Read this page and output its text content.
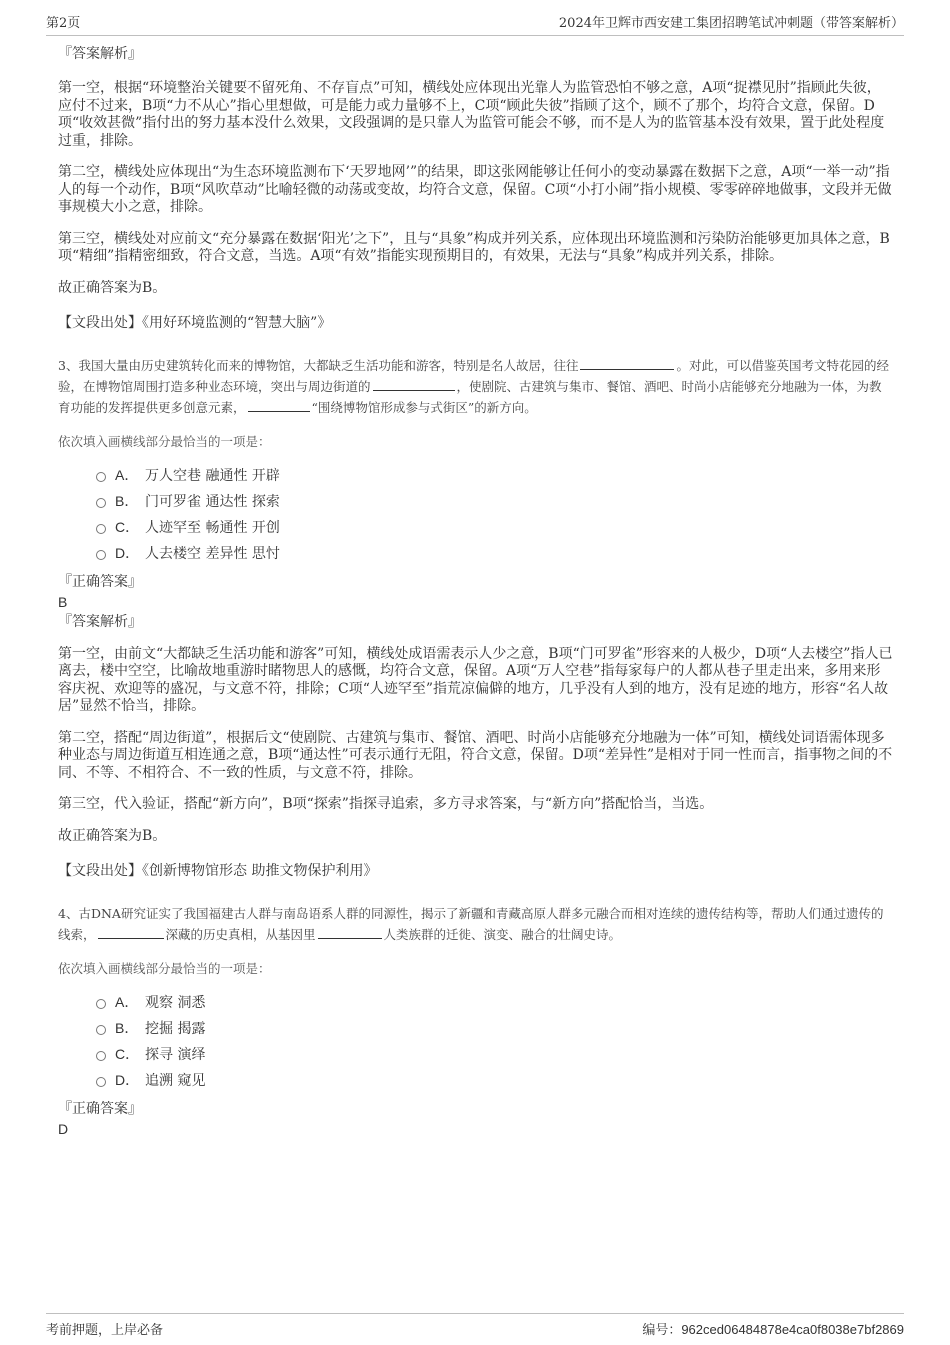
第2页	2024年卫辉市西安建工集团招聘笔试冲刺题（带答案解析）

『答案解析』

第一空，根据“环境整治关键要不留死角、不存盲点”可知，横线处应体现出光靠人为监管恐怕不够之意，A项“捉襟见肘”指顾此失彼，应付不过来，B项“力不从心”指心里想做，可是能力或力量够不上，C项“顾此失彼”指顾了这个，顾不了那个，均符合文意，保留。D项“收效甚微”指付出的努力基本没什么效果，文段强调的是只靠人为监管可能会不够，而不是人为的监管基本没有效果，置于此处程度过重，排除。

第二空，横线处应体现出“为生态环境监测布下‘天罗地网’”的结果，即这张网能够让任何小的变动暴露在数据下之意，A项“一举一动”指人的每一个动作，B项“风吹草动”比喻轻微的动荡或变故，均符合文意，保留。C项“小打小闹”指小规模、零零碎碎地做事，文段并无做事规模大小之意，排除。

第三空，横线处对应前文“充分暴露在数据‘阳光’之下”，且与“具象”构成并列关系，应体现出环境监测和污染防治能够更加具体之意，B项“精细”指精密细致，符合文意，当选。A项“有效”指能实现预期目的，有效果，无法与“具象”构成并列关系，排除。

故正确答案为B。

【文段出处】《用好环境监测的“智慧大脑”》

3、我国大量由历史建筑转化而来的博物馆，大都缺乏生活功能和游客，特别是名人故居，往往	。对此，可以借鉴英国考文特花园的经验，在博物馆周围打造多种业态环境，突出与周边街道的	，使剧院、古建筑与集市、餐馆、酒吧、时尚小店能够充分地融为一体，为教育功能的发挥提供更多创意元素，	“围绕博物馆形成参与式街区”的新方向。

依次填入画横线部分最恰当的一项是：

A． 万人空巷 融通性 开辟
B． 门可罗雀 通达性 探索
C． 人迹罕至 畅通性 开创
D． 人去楼空 差异性 思忖

『正确答案』

B

『答案解析』

第一空，由前文“大都缺乏生活功能和游客”可知，横线处成语需表示人少之意，B项“门可罗雀”形容来的人极少，D项“人去楼空”指人已离去，楼中空空，比喻故地重游时睹物思人的感慨，均符合文意，保留。A项“万人空巷”指每家每户的人都从巷子里走出来，多用来形容庆祝、欢迎等的盛况，与文意不符，排除；C项“人迹罕至”指荒凉偏僻的地方，几乎没有人到的地方，没有足迹的地方，形容“名人故居”显然不恰当，排除。

第二空，搭配“周边街道”，根据后文“使剧院、古建筑与集市、餐馆、酒吧、时尚小店能够充分地融为一体”可知，横线处词语需体现多种业态与周边街道互相连通之意，B项“通达性”可表示通行无阻，符合文意，保留。D项“差异性”是相对于同一性而言，指事物之间的不同、不等、不相符合、不一致的性质，与文意不符，排除。

第三空，代入验证，搭配“新方向”，B项“探索”指探寻追索，多方寻求答案，与“新方向”搭配恰当，当选。

故正确答案为B。

【文段出处】《创新博物馆形态 助推文物保护利用》

4、古DNA研究证实了我国福建古人群与南岛语系人群的同源性，揭示了新疆和青藏高原人群多元融合而相对连续的遗传结构等，帮助人们通过遗传的线索，	深藏的历史真相，从基因里	人类族群的迁徙、演变、融合的壮阔史诗。

依次填入画横线部分最恰当的一项是：

A． 观察 洞悉
B． 挖掘 揭露
C． 探寻 演绎
D． 追溯 窥见

『正确答案』

D

考前押题，上岸必备	编号：962ced06484878e4ca0f8038e7bf2869
